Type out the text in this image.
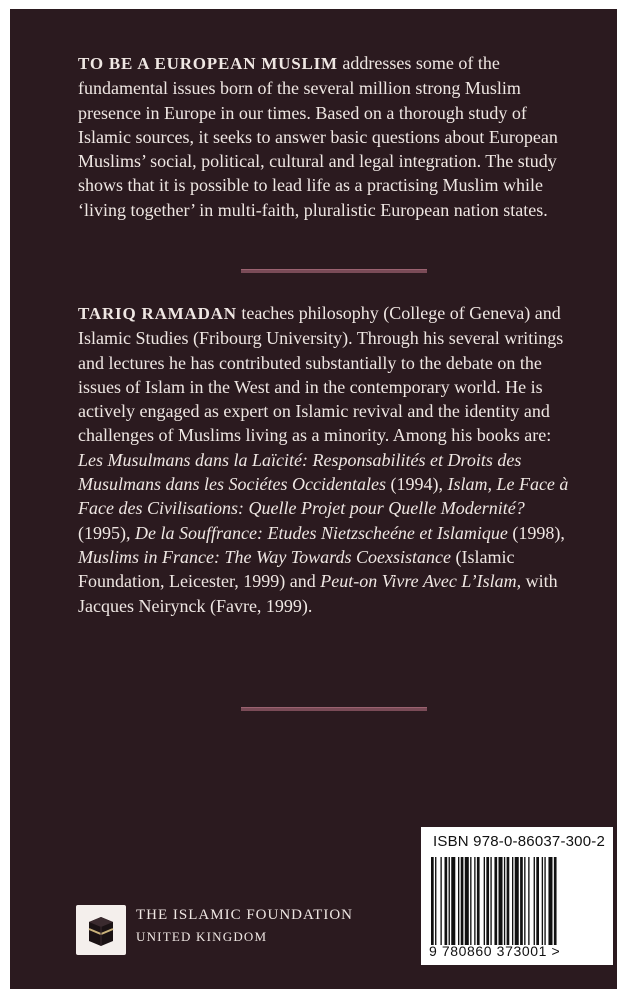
TO BE A EUROPEAN MUSLIM addresses some of the fundamental issues born of the several million strong Muslim presence in Europe in our times. Based on a thorough study of Islamic sources, it seeks to answer basic questions about European Muslims’ social, political, cultural and legal integration. The study shows that it is possible to lead life as a practising Muslim while ‘living together’ in multi-faith, pluralistic European nation states.

TARIQ RAMADAN teaches philosophy (College of Geneva) and Islamic Studies (Fribourg University). Through his several writings and lectures he has contributed substantially to the debate on the issues of Islam in the West and in the contemporary world. He is actively engaged as expert on Islamic revival and the identity and challenges of Muslims living as a minority. Among his books are: Les Musulmans dans la Laïcité: Responsabilités et Droits des Musulmans dans les Sociétes Occidentales (1994), Islam, Le Face à Face des Civilisations: Quelle Projet pour Quelle Modernité? (1995), De la Souffrance: Etudes Nietzscheéne et Islamique (1998), Muslims in France: The Way Towards Coexsistance (Islamic Foundation, Leicester, 1999) and Peut-on Vivre Avec L’Islam, with Jacques Neirynck (Favre, 1999).

THE ISLAMIC FOUNDATION
UNITED KINGDOM
ISBN 978-0-86037-300-2
9 780860 373001 >
